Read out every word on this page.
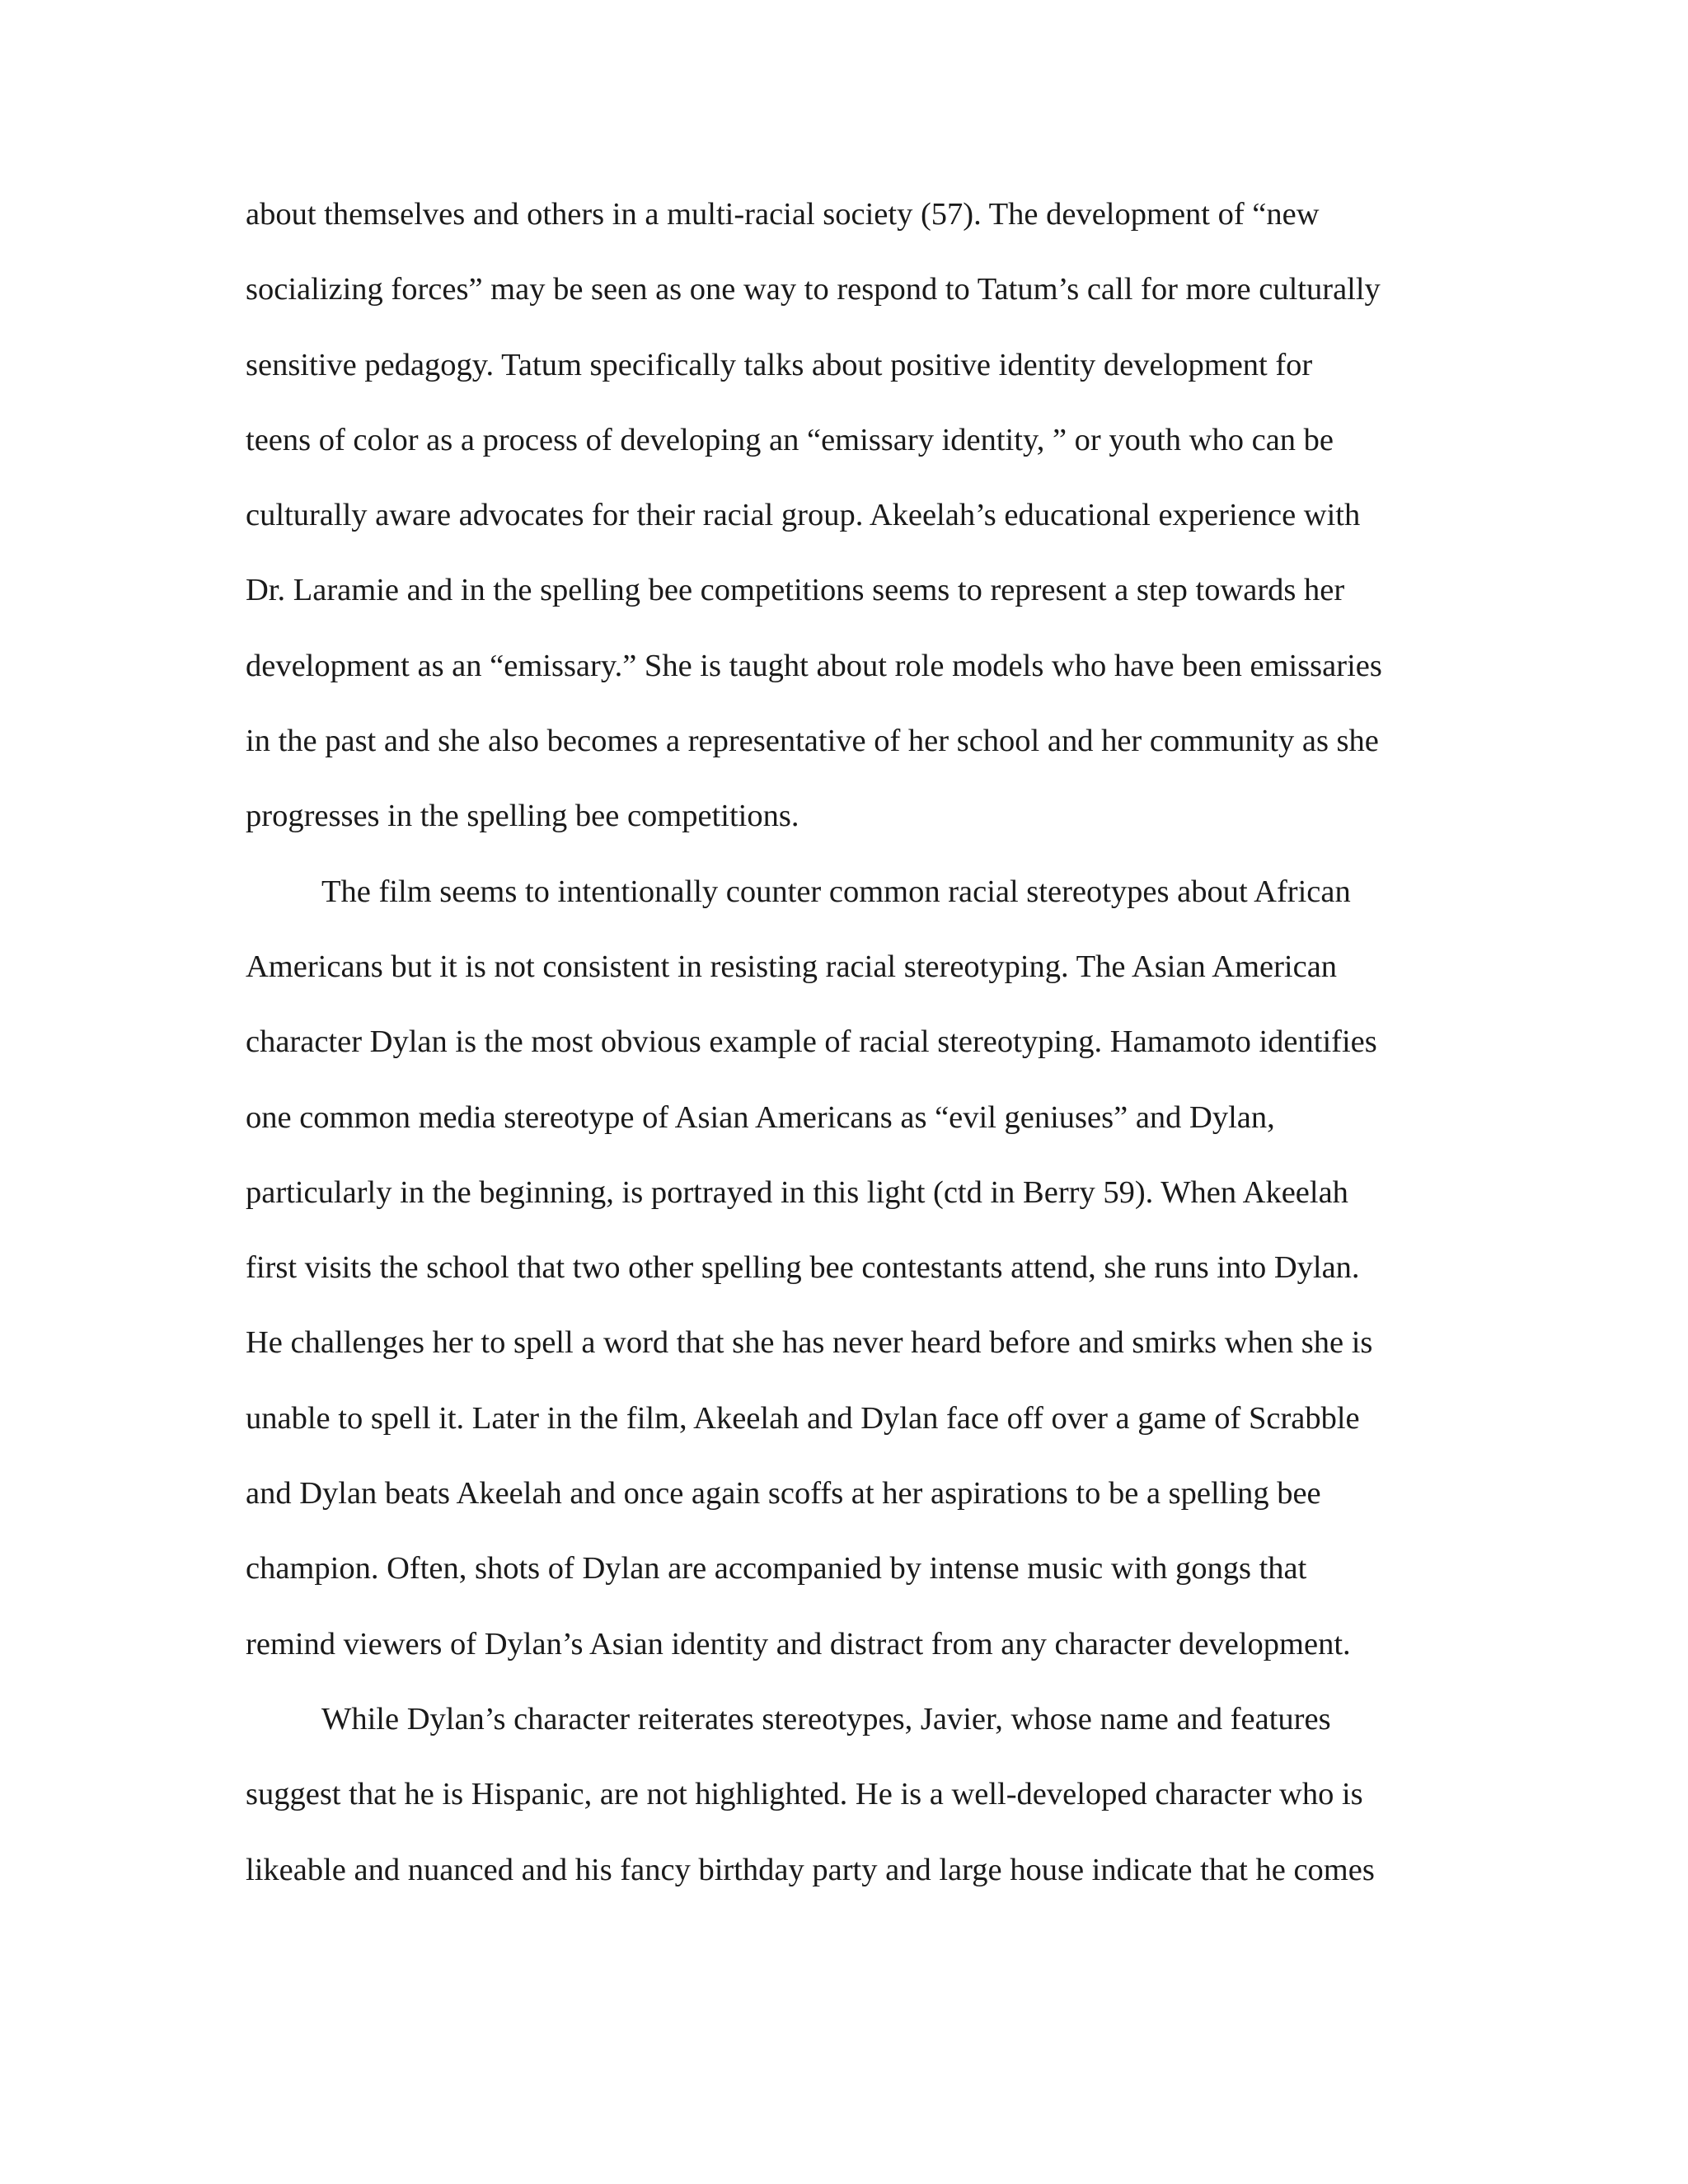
about themselves and others in a multi-racial society (57). The development of “new
socializing forces” may be seen as one way to respond to Tatum’s call for more culturally
sensitive pedagogy. Tatum specifically talks about positive identity development for
teens of color as a process of developing an “emissary identity, ” or youth who can be
culturally aware advocates for their racial group. Akeelah’s educational experience with
Dr. Laramie and in the spelling bee competitions seems to represent a step towards her
development as an “emissary.” She is taught about role models who have been emissaries
in the past and she also becomes a representative of her school and her community as she
progresses in the spelling bee competitions.
The film seems to intentionally counter common racial stereotypes about African
Americans but it is not consistent in resisting racial stereotyping. The Asian American
character Dylan is the most obvious example of racial stereotyping. Hamamoto identifies
one common media stereotype of Asian Americans as “evil geniuses” and Dylan,
particularly in the beginning, is portrayed in this light (ctd in Berry 59). When Akeelah
first visits the school that two other spelling bee contestants attend, she runs into Dylan.
He challenges her to spell a word that she has never heard before and smirks when she is
unable to spell it. Later in the film, Akeelah and Dylan face off over a game of Scrabble
and Dylan beats Akeelah and once again scoffs at her aspirations to be a spelling bee
champion. Often, shots of Dylan are accompanied by intense music with gongs that
remind viewers of Dylan’s Asian identity and distract from any character development.
While Dylan’s character reiterates stereotypes, Javier, whose name and features
suggest that he is Hispanic, are not highlighted. He is a well-developed character who is
likeable and nuanced and his fancy birthday party and large house indicate that he comes
